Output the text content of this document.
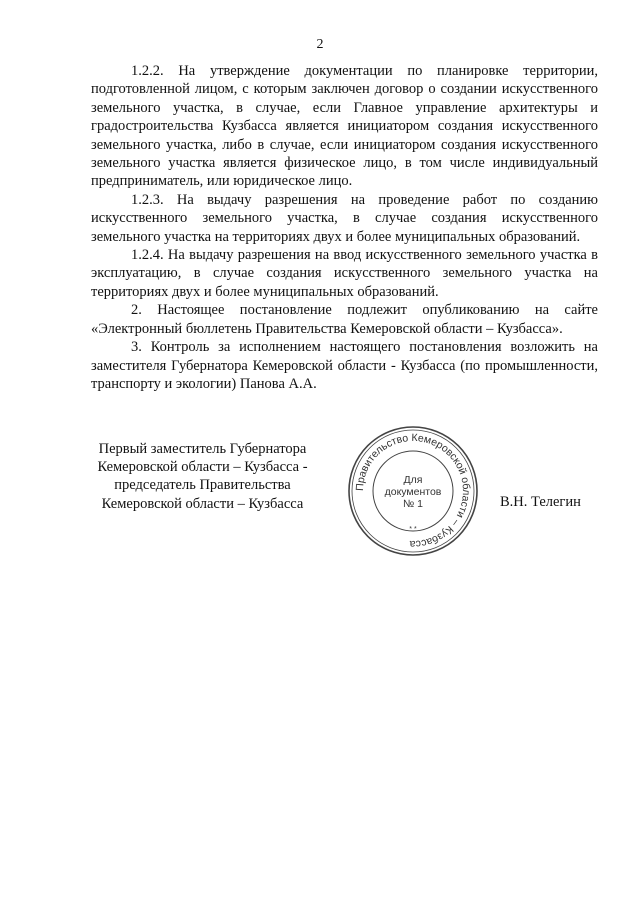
2

1.2.2. На утверждение документации по планировке территории, подготовленной лицом, с которым заключен договор о создании искусственного земельного участка, в случае, если Главное управление архитектуры и градостроительства Кузбасса является инициатором создания искусственного земельного участка, либо в случае, если инициатором создания искусственного земельного участка является физическое лицо, в том числе индивидуальный предприниматель, или юридическое лицо.

1.2.3. На выдачу разрешения на проведение работ по созданию искусственного земельного участка, в случае создания искусственного земельного участка на территориях двух и более муниципальных образований.

1.2.4. На выдачу разрешения на ввод искусственного земельного участка в эксплуатацию, в случае создания искусственного земельного участка на территориях двух и более муниципальных образований.

2. Настоящее постановление подлежит опубликованию на сайте «Электронный бюллетень Правительства Кемеровской области – Кузбасса».

3. Контроль за исполнением настоящего постановления возложить на заместителя Губернатора Кемеровской области - Кузбасса (по промышленности, транспорту и экологии) Панова А.А.

Первый заместитель Губернатора
Кемеровской области – Кузбасса -
председатель Правительства
Кемеровской области – Кузбасса
Правительство Кемеровской области – Кузбасса
* *
Для
документов
№ 1	В.Н. Телегин
